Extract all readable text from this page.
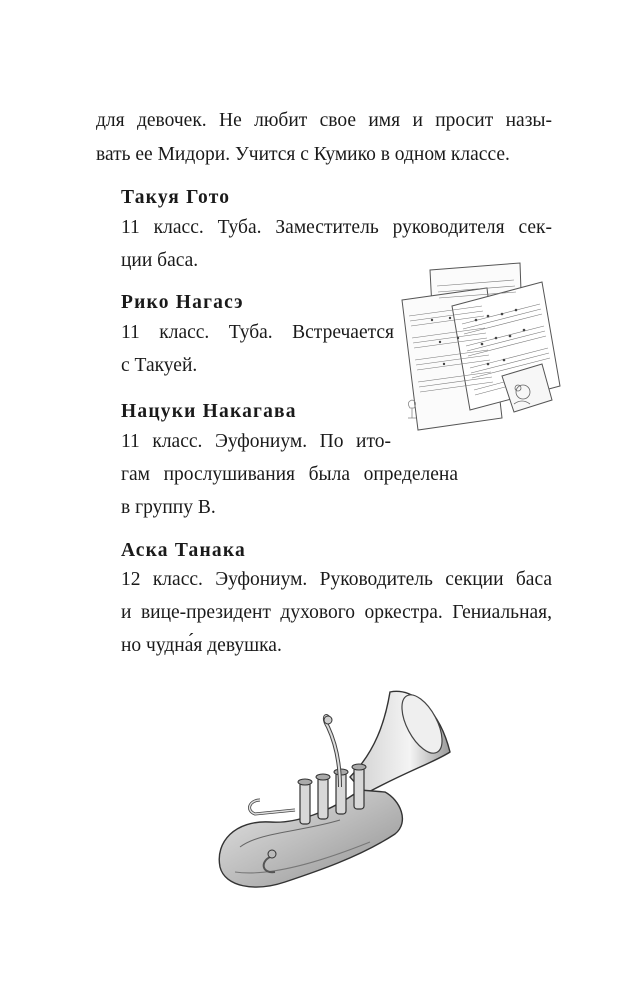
для девочек. Не любит свое имя и просит назы-
вать ее Мидори. Учится с Кумико в одном классе.
Такуя Гото
11 класс. Туба. Заместитель руководителя сек-
ции баса.
Рико Нагасэ
11 класс. Туба. Встречается
с Такуей.
Нацуки Накагава
11 класс. Эуфониум. По ито-
гам прослушивания была определена
в группу B.
Аска Танака
12 класс. Эуфониум. Руководитель секции баса
и вице-президент духового оркестра. Гениальная,
но чудна́я девушка.
